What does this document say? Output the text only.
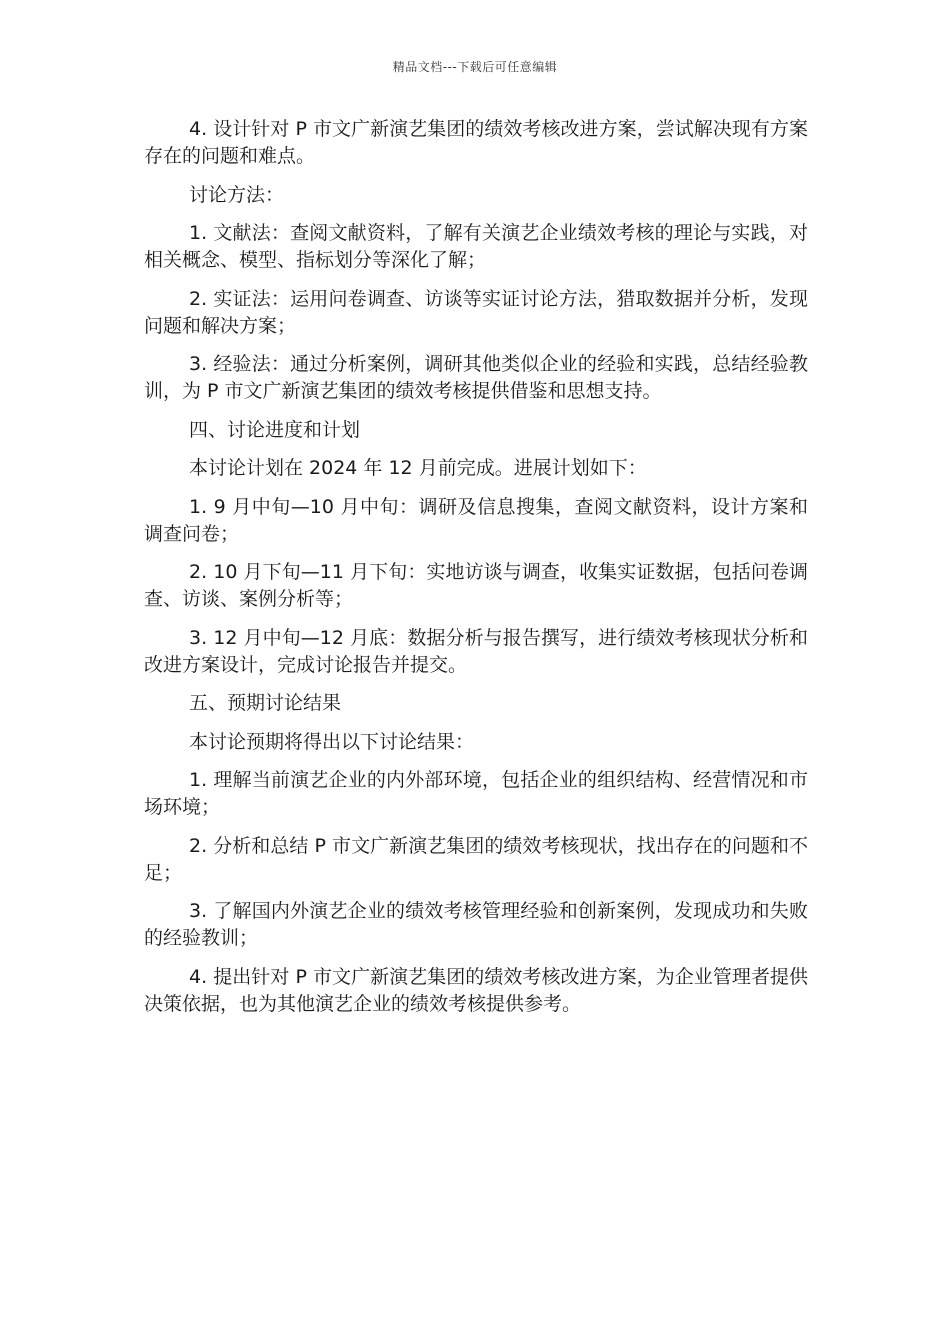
精品文档---下载后可任意编辑

4. 设计针对 P 市文广新演艺集团的绩效考核改进方案，尝试解决现有方案存在的问题和难点。

讨论方法：

1. 文献法：查阅文献资料，了解有关演艺企业绩效考核的理论与实践，对相关概念、模型、指标划分等深化了解；

2. 实证法：运用问卷调查、访谈等实证讨论方法，猎取数据并分析，发现问题和解决方案；

3. 经验法：通过分析案例，调研其他类似企业的经验和实践，总结经验教训，为 P 市文广新演艺集团的绩效考核提供借鉴和思想支持。

四、讨论进度和计划

本讨论计划在 2024 年 12 月前完成。进展计划如下：

1. 9 月中旬—10 月中旬：调研及信息搜集，查阅文献资料，设计方案和调查问卷；

2. 10 月下旬—11 月下旬：实地访谈与调查，收集实证数据，包括问卷调查、访谈、案例分析等；

3. 12 月中旬—12 月底：数据分析与报告撰写，进行绩效考核现状分析和改进方案设计，完成讨论报告并提交。

五、预期讨论结果

本讨论预期将得出以下讨论结果：

1. 理解当前演艺企业的内外部环境，包括企业的组织结构、经营情况和市场环境；

2. 分析和总结 P 市文广新演艺集团的绩效考核现状，找出存在的问题和不足；

3. 了解国内外演艺企业的绩效考核管理经验和创新案例，发现成功和失败的经验教训；

4. 提出针对 P 市文广新演艺集团的绩效考核改进方案，为企业管理者提供决策依据，也为其他演艺企业的绩效考核提供参考。
